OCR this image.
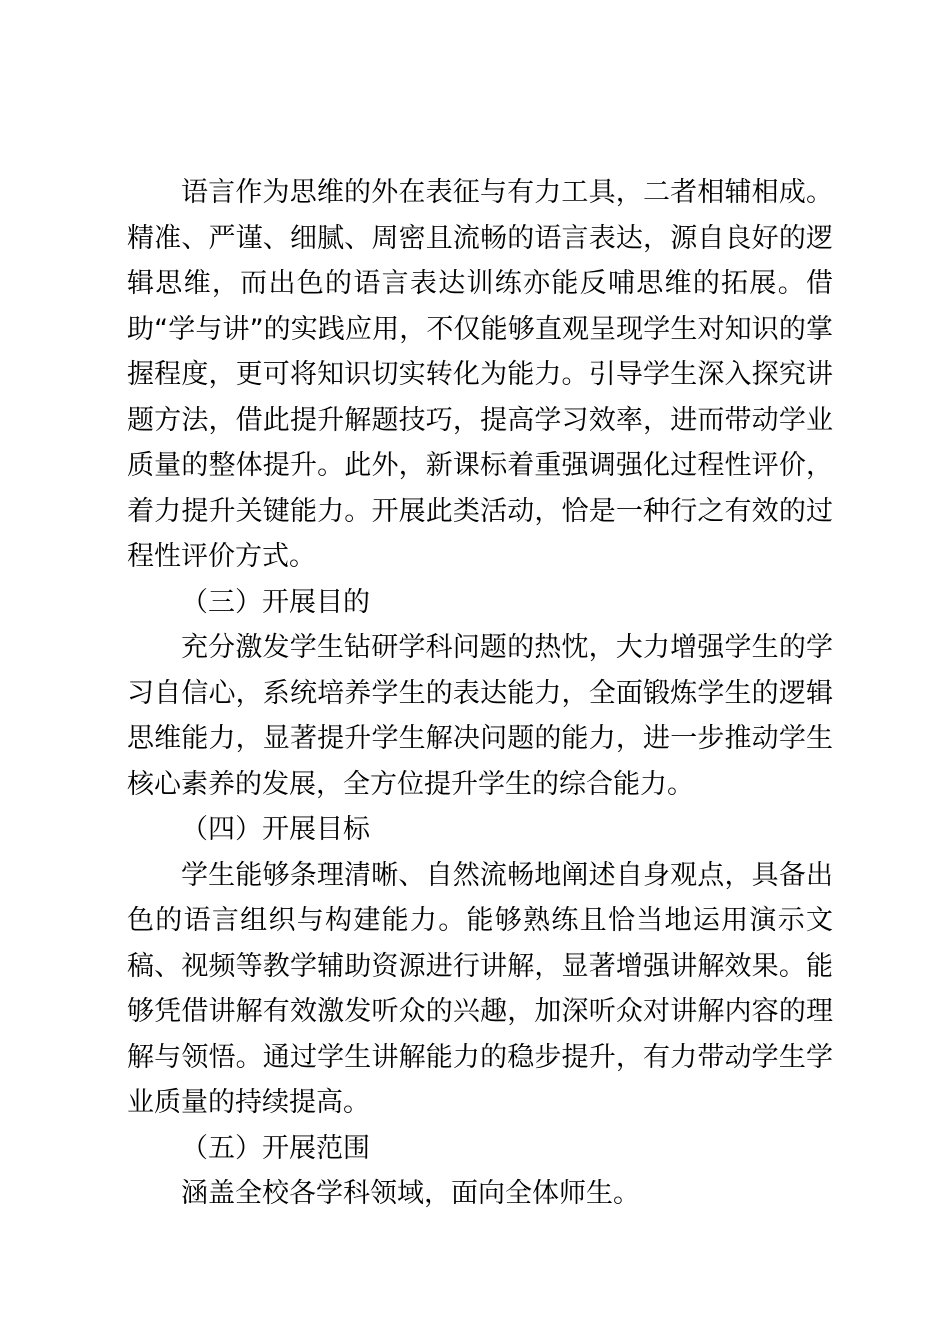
语言作为思维的外在表征与有力工具，二者相辅相成。精准、严谨、细腻、周密且流畅的语言表达，源自良好的逻辑思维，而出色的语言表达训练亦能反哺思维的拓展。借助“学与讲”的实践应用，不仅能够直观呈现学生对知识的掌握程度，更可将知识切实转化为能力。引导学生深入探究讲题方法，借此提升解题技巧，提高学习效率，进而带动学业质量的整体提升。此外，新课标着重强调强化过程性评价，着力提升关键能力。开展此类活动，恰是一种行之有效的过程性评价方式。

（三）开展目的

充分激发学生钻研学科问题的热忱，大力增强学生的学习自信心，系统培养学生的表达能力，全面锻炼学生的逻辑思维能力，显著提升学生解决问题的能力，进一步推动学生核心素养的发展，全方位提升学生的综合能力。

（四）开展目标

学生能够条理清晰、自然流畅地阐述自身观点，具备出色的语言组织与构建能力。能够熟练且恰当地运用演示文稿、视频等教学辅助资源进行讲解，显著增强讲解效果。能够凭借讲解有效激发听众的兴趣，加深听众对讲解内容的理解与领悟。通过学生讲解能力的稳步提升，有力带动学生学业质量的持续提高。

（五）开展范围

涵盖全校各学科领域，面向全体师生。
